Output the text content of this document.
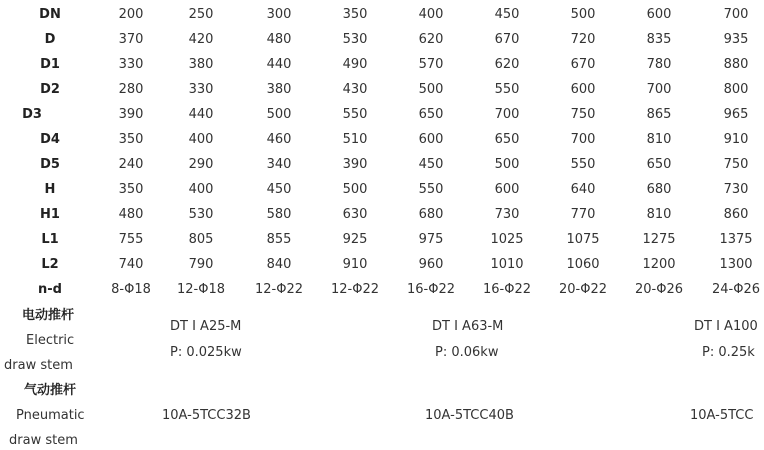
DN	200	250	300	350	400	450	500	600	700
D	370	420	480	530	620	670	720	835	935
D1	330	380	440	490	570	620	670	780	880
D2	280	330	380	430	500	550	600	700	800
D3	390	440	500	550	650	700	750	865	965
D4	350	400	460	510	600	650	700	810	910
D5	240	290	340	390	450	500	550	650	750
H	350	400	450	500	550	600	640	680	730
H1	480	530	580	630	680	730	770	810	860
L1	755	805	855	925	975	1025	1075	1275	1375
L2	740	790	840	910	960	1010	1060	1200	1300
n-d	8-Φ18 12-Φ18 12-Φ22 12-Φ22 16-Φ22 16-Φ22 20-Φ22 20-Φ26 24-Φ26
电动推杆
Electric
draw stem
DT I A25-M	DT I A63-M	DT I A100
P: 0.025kw	P: 0.06kw	P: 0.25k
气动推杆
Pneumatic
draw stem
10A-5TCC32B	10A-5TCC40B	10A-5TCC
